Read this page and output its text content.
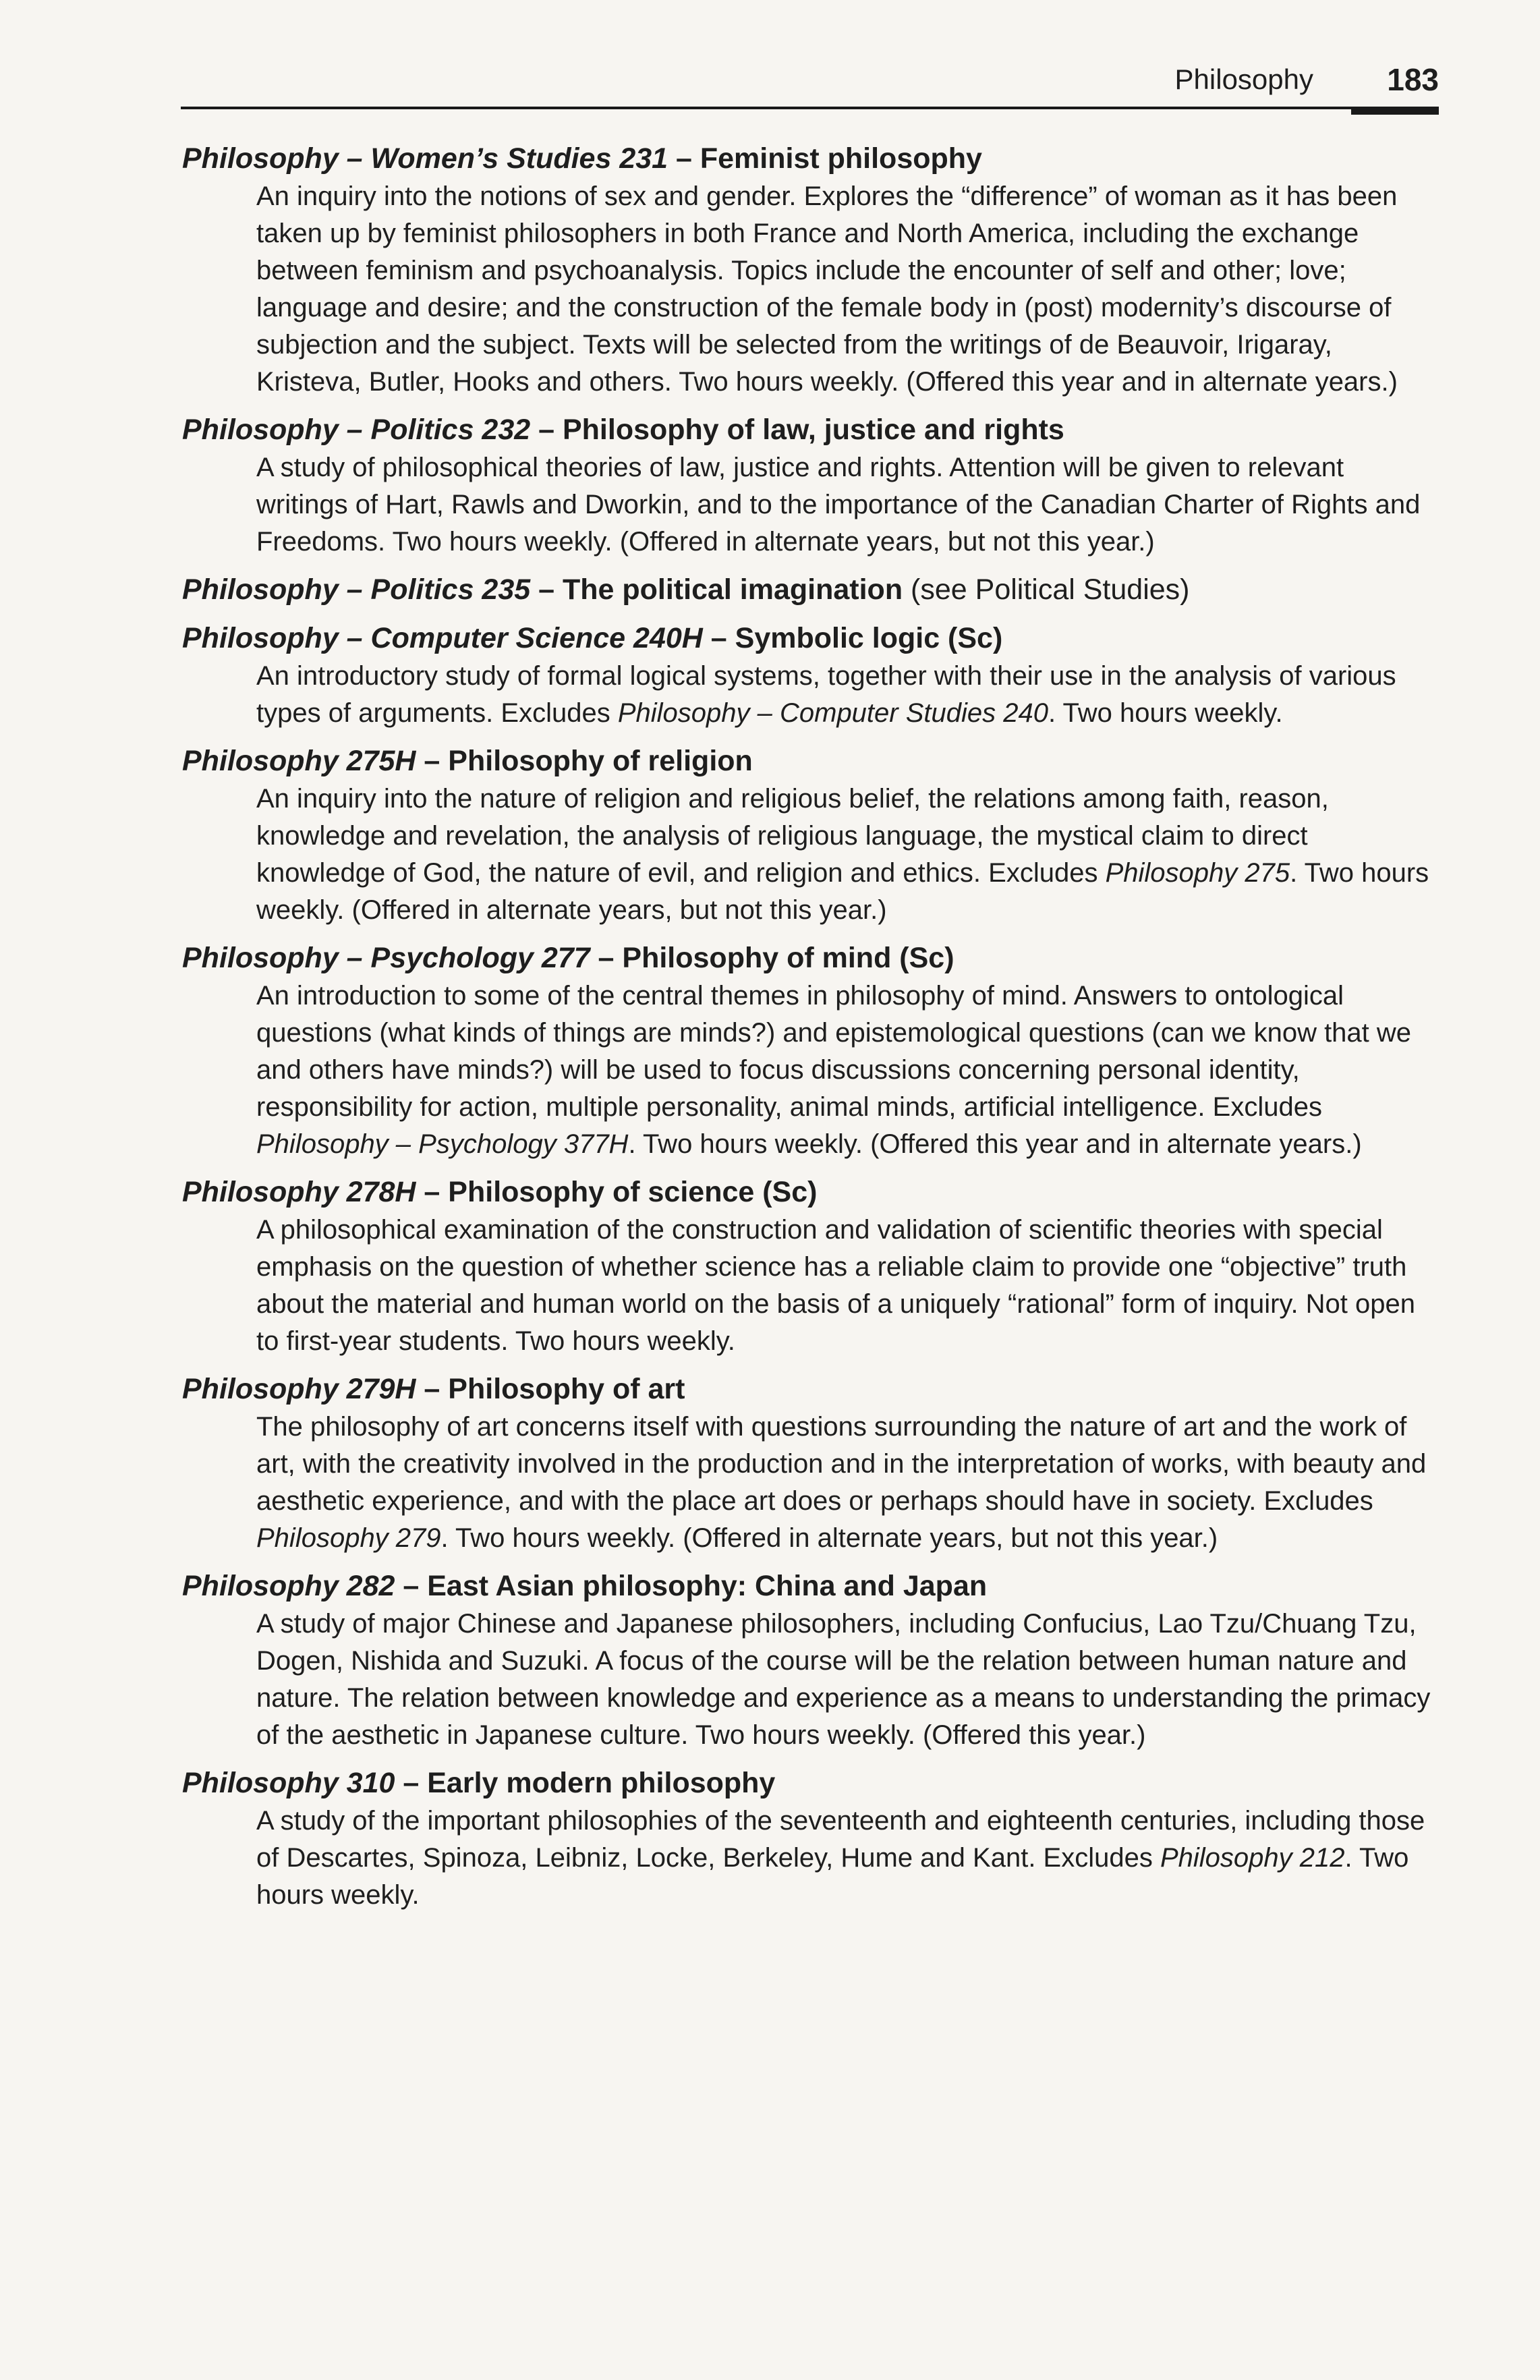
Philosophy 183
Philosophy – Women’s Studies 231 – Feminist philosophy
An inquiry into the notions of sex and gender. Explores the “difference” of woman as it has been taken up by feminist philosophers in both France and North America, including the exchange between feminism and psychoanalysis. Topics include the encounter of self and other; love; language and desire; and the construction of the female body in (post) modernity’s discourse of subjection and the subject. Texts will be selected from the writings of de Beauvoir, Irigaray, Kristeva, Butler, Hooks and others. Two hours weekly. (Offered this year and in alternate years.)
Philosophy – Politics 232 – Philosophy of law, justice and rights
A study of philosophical theories of law, justice and rights. Attention will be given to relevant writings of Hart, Rawls and Dworkin, and to the importance of the Canadian Charter of Rights and Freedoms. Two hours weekly. (Offered in alternate years, but not this year.)
Philosophy – Politics 235 – The political imagination (see Political Studies)
Philosophy – Computer Science 240H – Symbolic logic (Sc)
An introductory study of formal logical systems, together with their use in the analysis of various types of arguments. Excludes Philosophy – Computer Studies 240. Two hours weekly.
Philosophy 275H – Philosophy of religion
An inquiry into the nature of religion and religious belief, the relations among faith, reason, knowledge and revelation, the analysis of religious language, the mystical claim to direct knowledge of God, the nature of evil, and religion and ethics. Excludes Philosophy 275. Two hours weekly. (Offered in alternate years, but not this year.)
Philosophy – Psychology 277 – Philosophy of mind (Sc)
An introduction to some of the central themes in philosophy of mind. Answers to ontological questions (what kinds of things are minds?) and epistemological questions (can we know that we and others have minds?) will be used to focus discussions concerning personal identity, responsibility for action, multiple personality, animal minds, artificial intelligence. Excludes Philosophy – Psychology 377H. Two hours weekly. (Offered this year and in alternate years.)
Philosophy 278H – Philosophy of science (Sc)
A philosophical examination of the construction and validation of scientific theories with special emphasis on the question of whether science has a reliable claim to provide one “objective” truth about the material and human world on the basis of a uniquely “rational” form of inquiry. Not open to first-year students. Two hours weekly.
Philosophy 279H – Philosophy of art
The philosophy of art concerns itself with questions surrounding the nature of art and the work of art, with the creativity involved in the production and in the interpretation of works, with beauty and aesthetic experience, and with the place art does or perhaps should have in society. Excludes Philosophy 279. Two hours weekly. (Offered in alternate years, but not this year.)
Philosophy 282 – East Asian philosophy: China and Japan
A study of major Chinese and Japanese philosophers, including Confucius, Lao Tzu/Chuang Tzu, Dogen, Nishida and Suzuki. A focus of the course will be the relation between human nature and nature. The relation between knowledge and experience as a means to understanding the primacy of the aesthetic in Japanese culture. Two hours weekly. (Offered this year.)
Philosophy 310 – Early modern philosophy
A study of the important philosophies of the seventeenth and eighteenth centuries, including those of Descartes, Spinoza, Leibniz, Locke, Berkeley, Hume and Kant. Excludes Philosophy 212. Two hours weekly.
